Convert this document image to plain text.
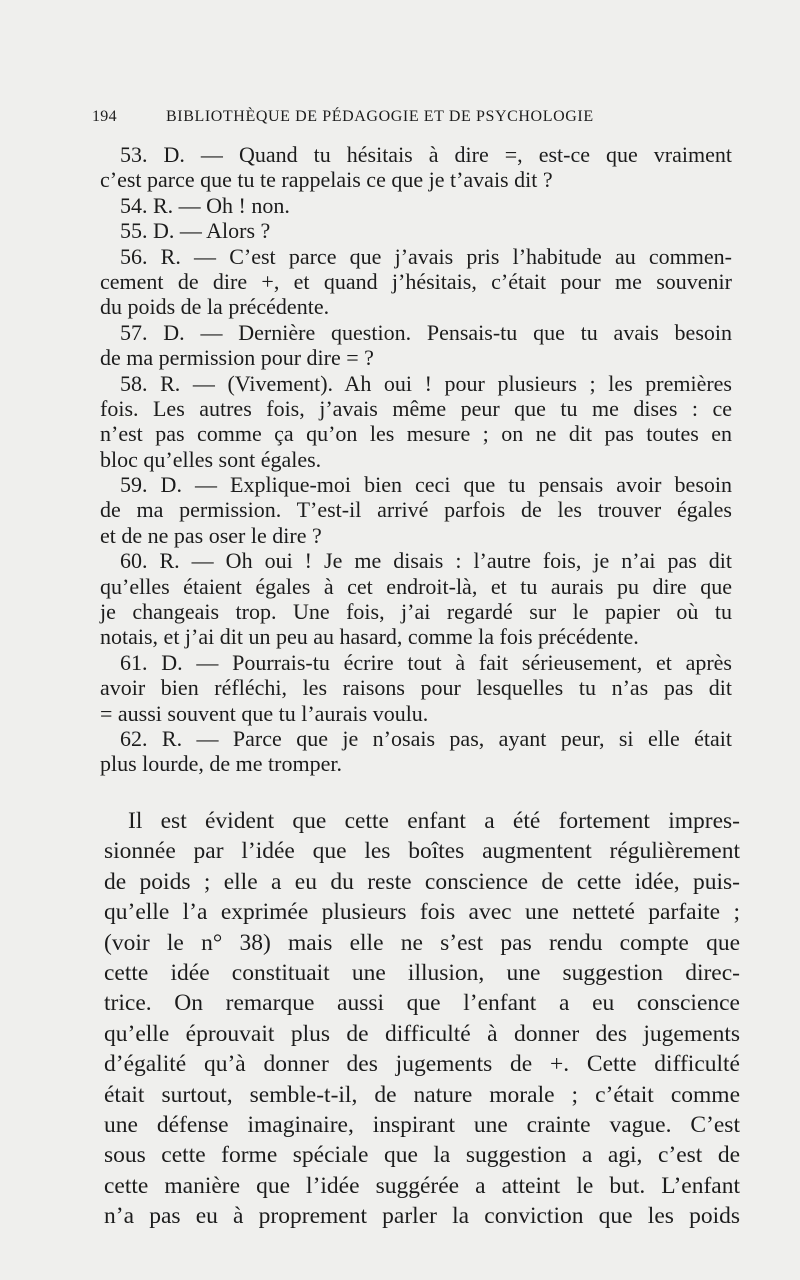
194	BIBLIOTHÈQUE DE PÉDAGOGIE ET DE PSYCHOLOGIE
53. D. — Quand tu hésitais à dire =, est-ce que vraiment
c’est parce que tu te rappelais ce que je t’avais dit ?
54. R. — Oh ! non.
55. D. — Alors ?
56. R. — C’est parce que j’avais pris l’habitude au commen-
cement de dire +, et quand j’hésitais, c’était pour me souvenir
du poids de la précédente.
57. D. — Dernière question. Pensais-tu que tu avais besoin
de ma permission pour dire = ?
58. R. — (Vivement). Ah oui ! pour plusieurs ; les premières
fois. Les autres fois, j’avais même peur que tu me dises : ce
n’est pas comme ça qu’on les mesure ; on ne dit pas toutes en
bloc qu’elles sont égales.
59. D. — Explique-moi bien ceci que tu pensais avoir besoin
de ma permission. T’est-il arrivé parfois de les trouver égales
et de ne pas oser le dire ?
60. R. — Oh oui ! Je me disais : l’autre fois, je n’ai pas dit
qu’elles étaient égales à cet endroit-là, et tu aurais pu dire que
je changeais trop. Une fois, j’ai regardé sur le papier où tu
notais, et j’ai dit un peu au hasard, comme la fois précédente.
61. D. — Pourrais-tu écrire tout à fait sérieusement, et après
avoir bien réfléchi, les raisons pour lesquelles tu n’as pas dit
= aussi souvent que tu l’aurais voulu.
62. R. — Parce que je n’osais pas, ayant peur, si elle était
plus lourde, de me tromper.
Il est évident que cette enfant a été fortement impres-
sionnée par l’idée que les boîtes augmentent régulièrement
de poids ; elle a eu du reste conscience de cette idée, puis-
qu’elle l’a exprimée plusieurs fois avec une netteté parfaite ;
(voir le n° 38) mais elle ne s’est pas rendu compte que
cette idée constituait une illusion, une suggestion direc-
trice. On remarque aussi que l’enfant a eu conscience
qu’elle éprouvait plus de difficulté à donner des jugements
d’égalité qu’à donner des jugements de +. Cette difficulté
était surtout, semble-t-il, de nature morale ; c’était comme
une défense imaginaire, inspirant une crainte vague. C’est
sous cette forme spéciale que la suggestion a agi, c’est de
cette manière que l’idée suggérée a atteint le but. L’enfant
n’a pas eu à proprement parler la conviction que les poids
